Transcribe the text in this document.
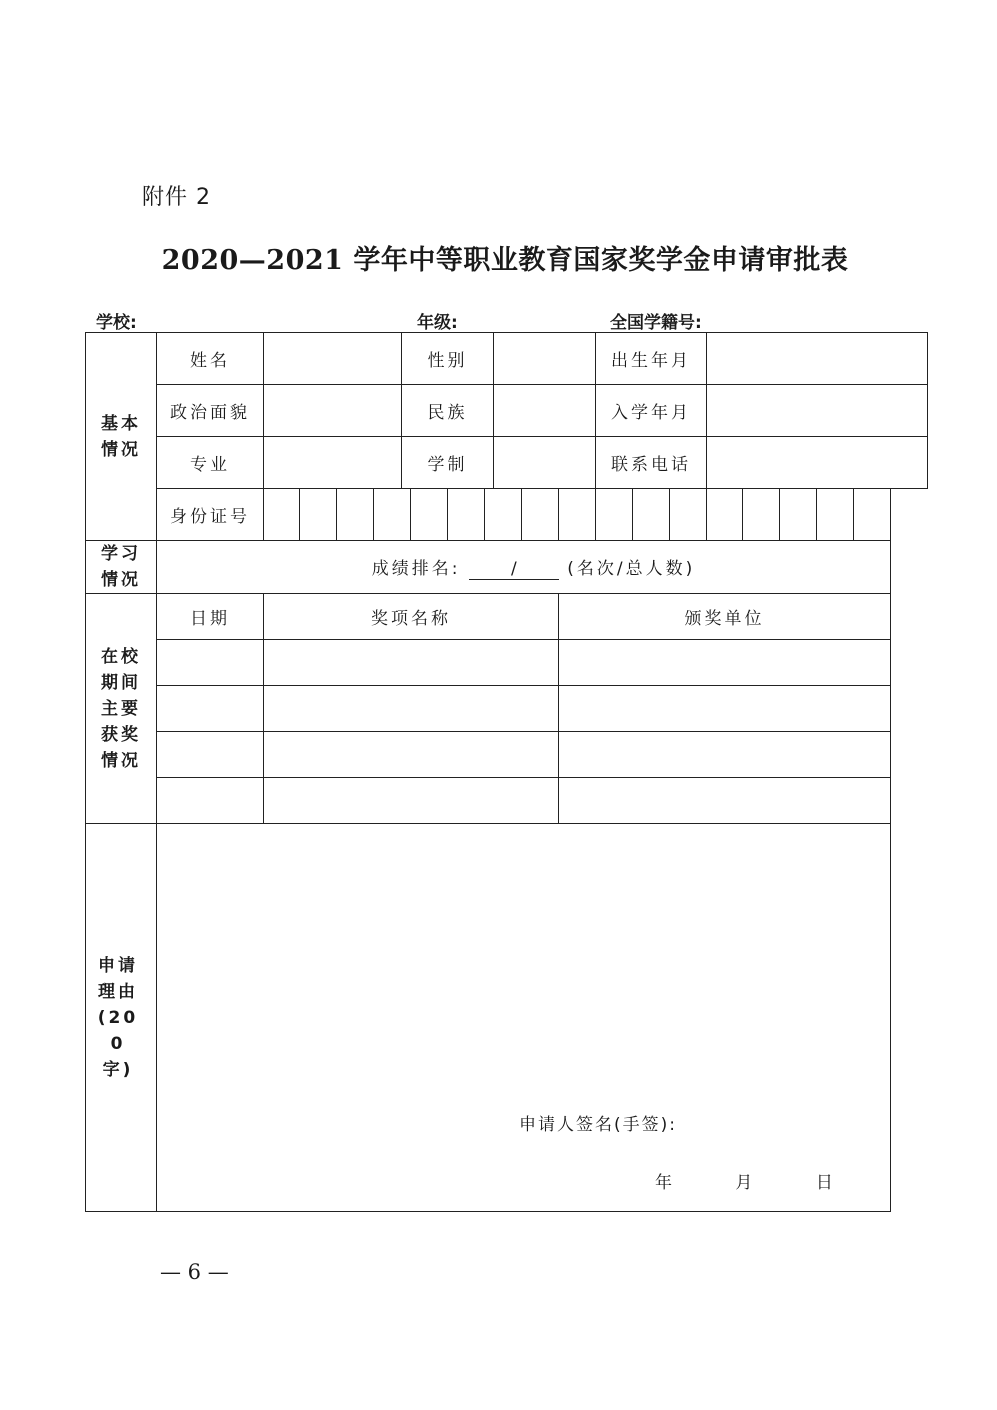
附件 2
2020—2021 学年中等职业教育国家奖学金申请审批表
学校:	年级:	全国学籍号:
基本情况	姓名					性别							出生年月							
	政治面貌					民族							入学年月							
	专业					学制							联系电话							
	身份证号																			
学习情况	成绩排名: / (名次/总人数)																			
在校期间主要获奖情况	日期	奖项名称										颁奖单位								

申请理由(200字)	申请人签名(手签):
年 月 日																			
— 6 —
